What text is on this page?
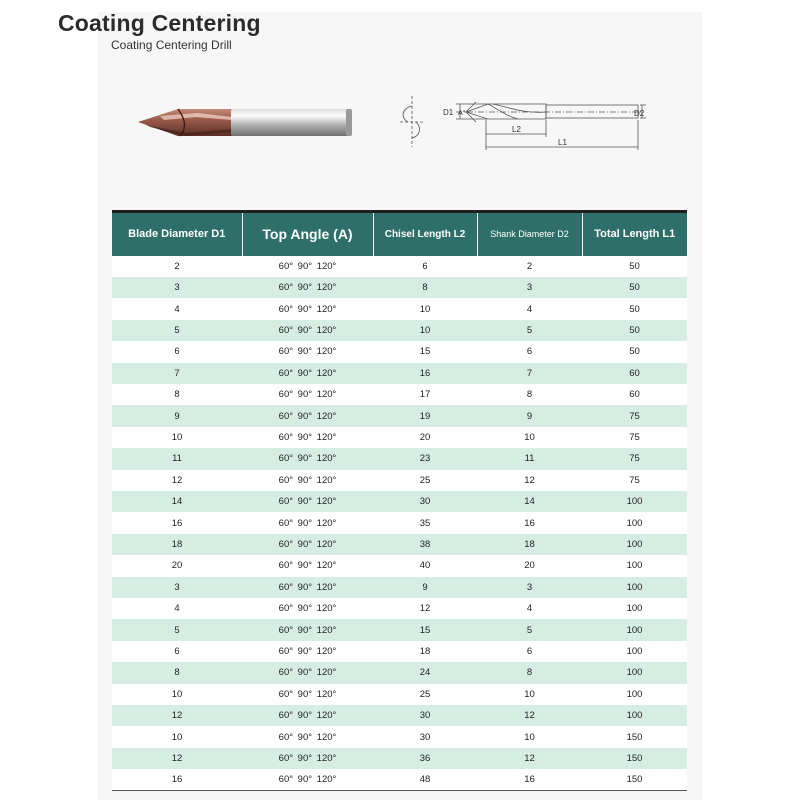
Coating Centering
Coating Centering Drill
D1 A°	D2
L2
L1
Blade Diameter D1	Top Angle (A)	Chisel Length L2	Shank Diameter D2	Total Length L1
2	60° 90° 120°	6	2	50
3	60° 90° 120°	8	3	50
4	60° 90° 120°	10	4	50
5	60° 90° 120°	10	5	50
6	60° 90° 120°	15	6	50
7	60° 90° 120°	16	7	60
8	60° 90° 120°	17	8	60
9	60° 90° 120°	19	9	75
10	60° 90° 120°	20	10	75
11	60° 90° 120°	23	11	75
12	60° 90° 120°	25	12	75
14	60° 90° 120°	30	14	100
16	60° 90° 120°	35	16	100
18	60° 90° 120°	38	18	100
20	60° 90° 120°	40	20	100
3	60° 90° 120°	9	3	100
4	60° 90° 120°	12	4	100
5	60° 90° 120°	15	5	100
6	60° 90° 120°	18	6	100
8	60° 90° 120°	24	8	100
10	60° 90° 120°	25	10	100
12	60° 90° 120°	30	12	100
10	60° 90° 120°	30	10	150
12	60° 90° 120°	36	12	150
16	60° 90° 120°	48	16	150
